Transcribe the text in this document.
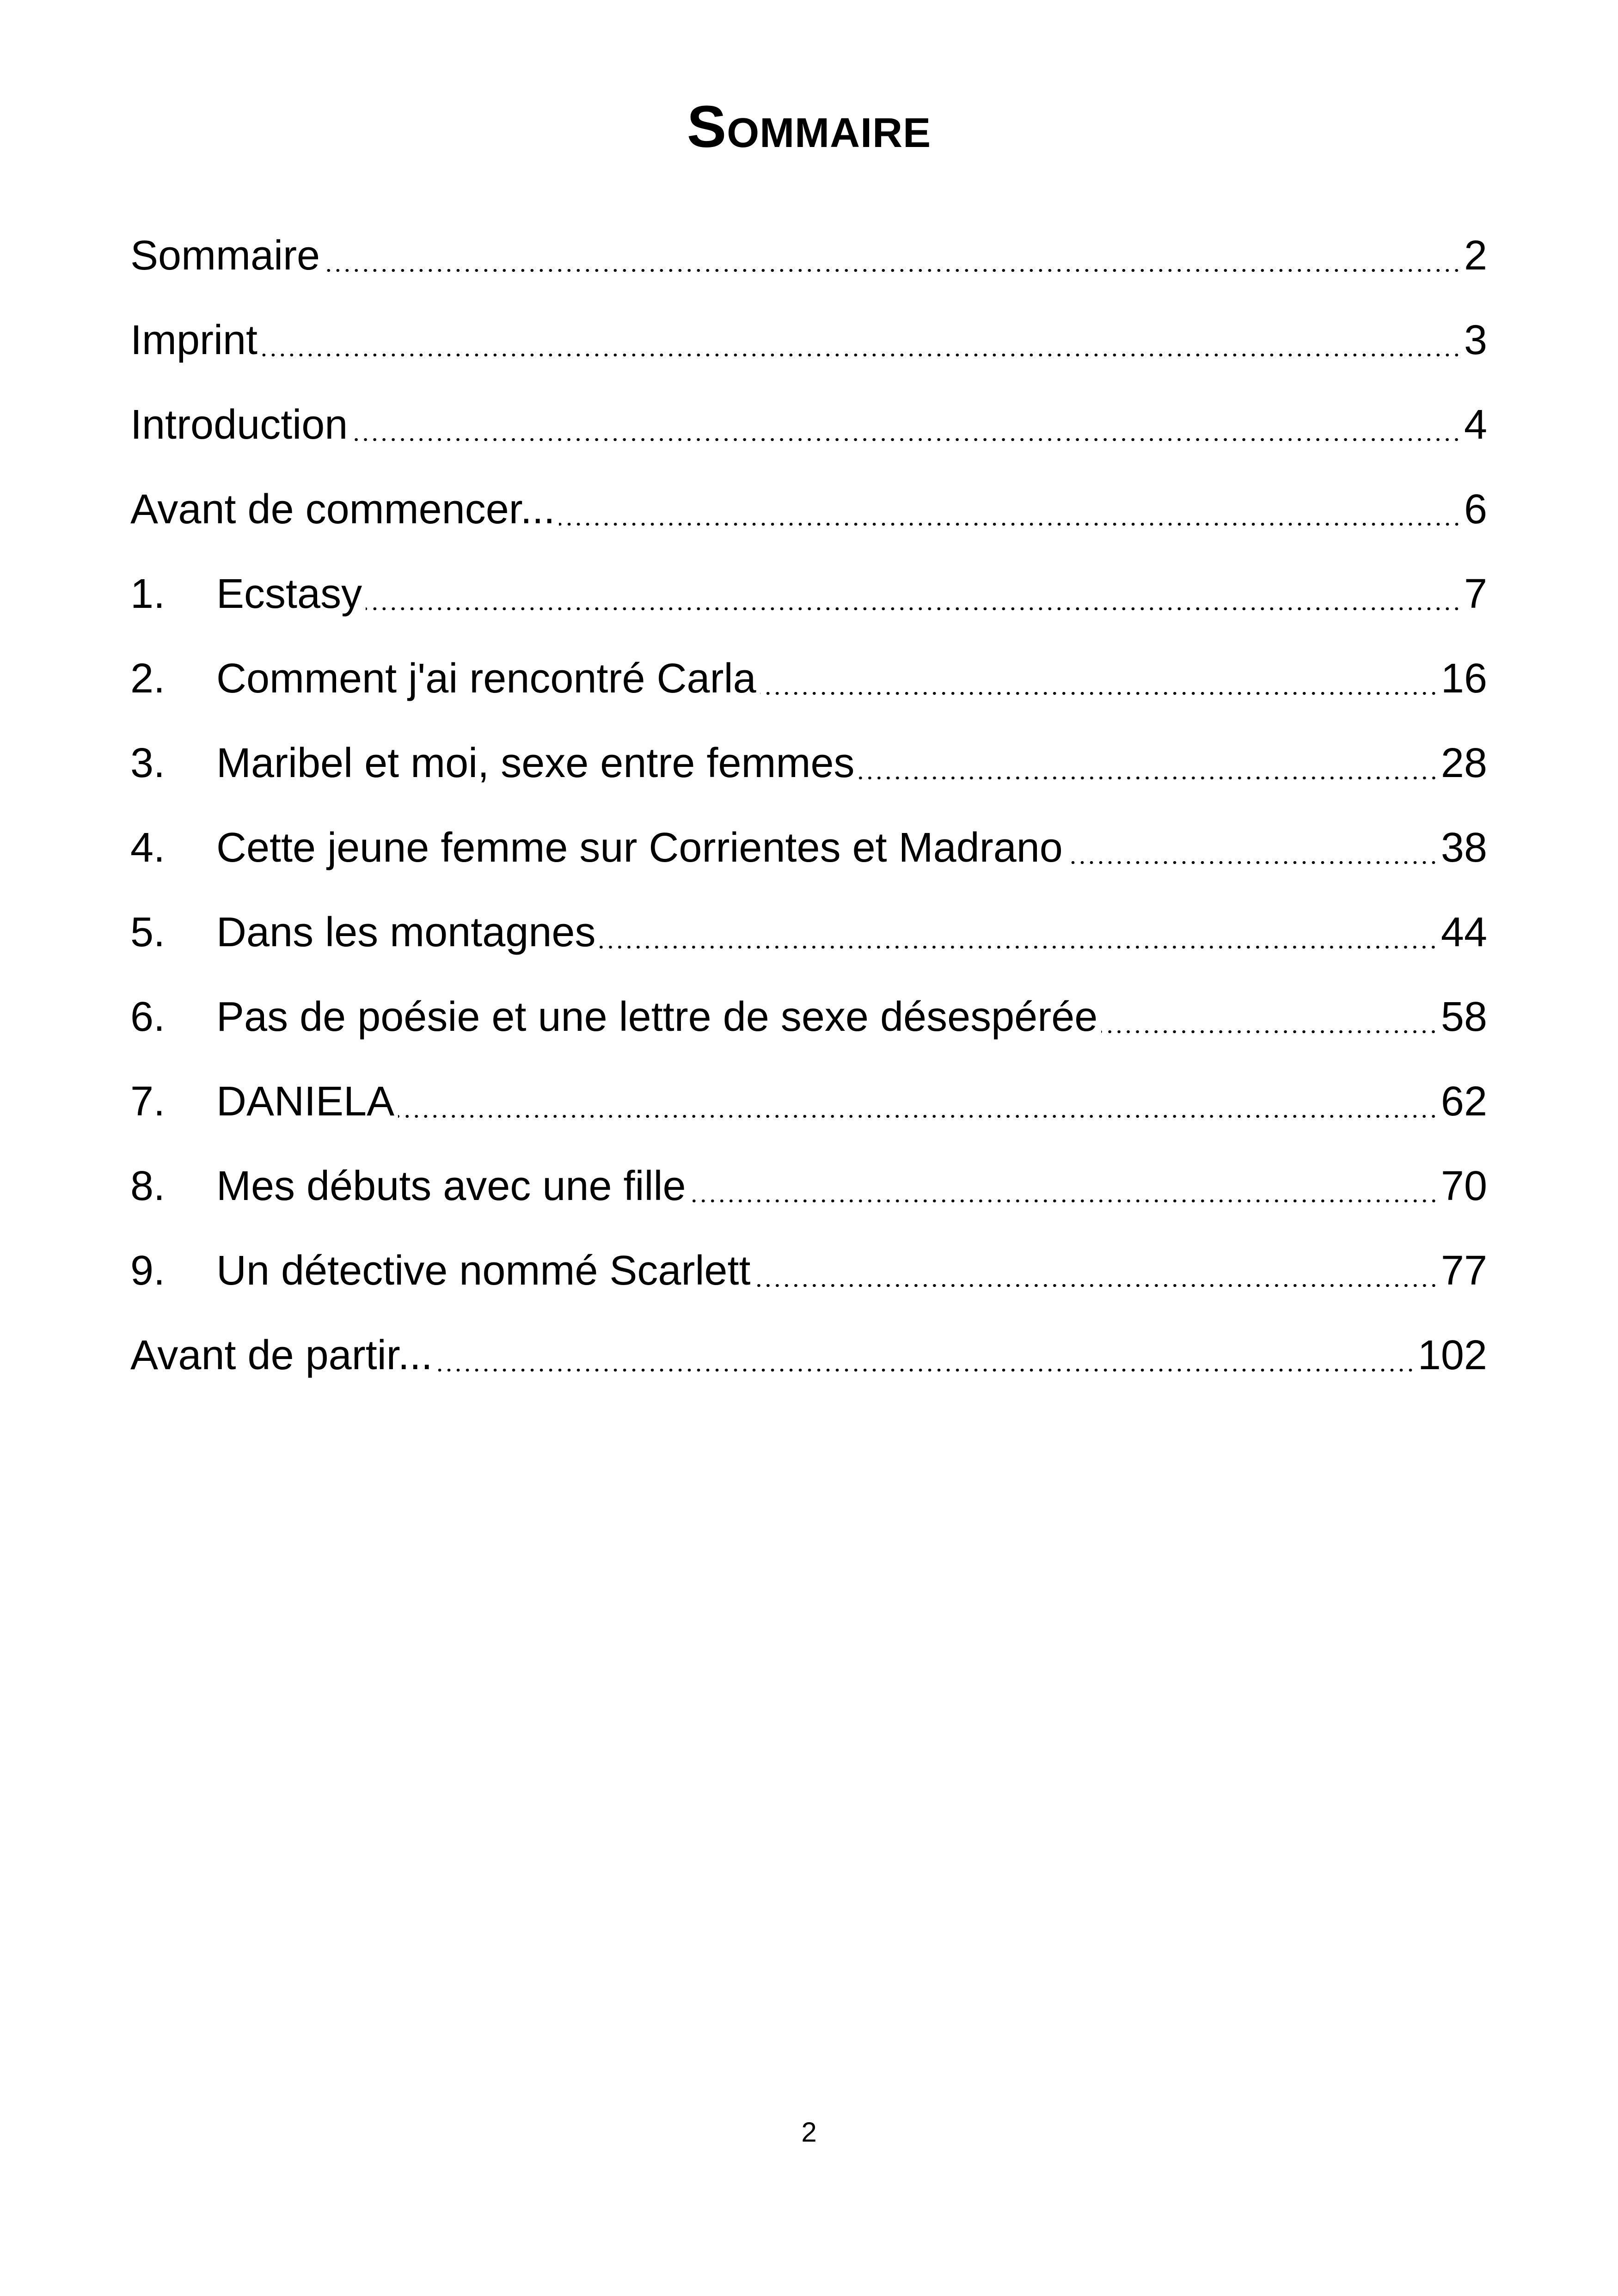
Sommaire
Sommaire	2
Imprint	3
Introduction	4
Avant de commencer...	6
1.	Ecstasy	7
2.	Comment j'ai rencontré Carla	16
3.	Maribel et moi, sexe entre femmes	28
4.	Cette jeune femme sur Corrientes et Madrano	38
5.	Dans les montagnes	44
6.	Pas de poésie et une lettre de sexe désespérée	58
7.	DANIELA	62
8.	Mes débuts avec une fille	70
9.	Un détective nommé Scarlett	77
Avant de partir...	102
2
